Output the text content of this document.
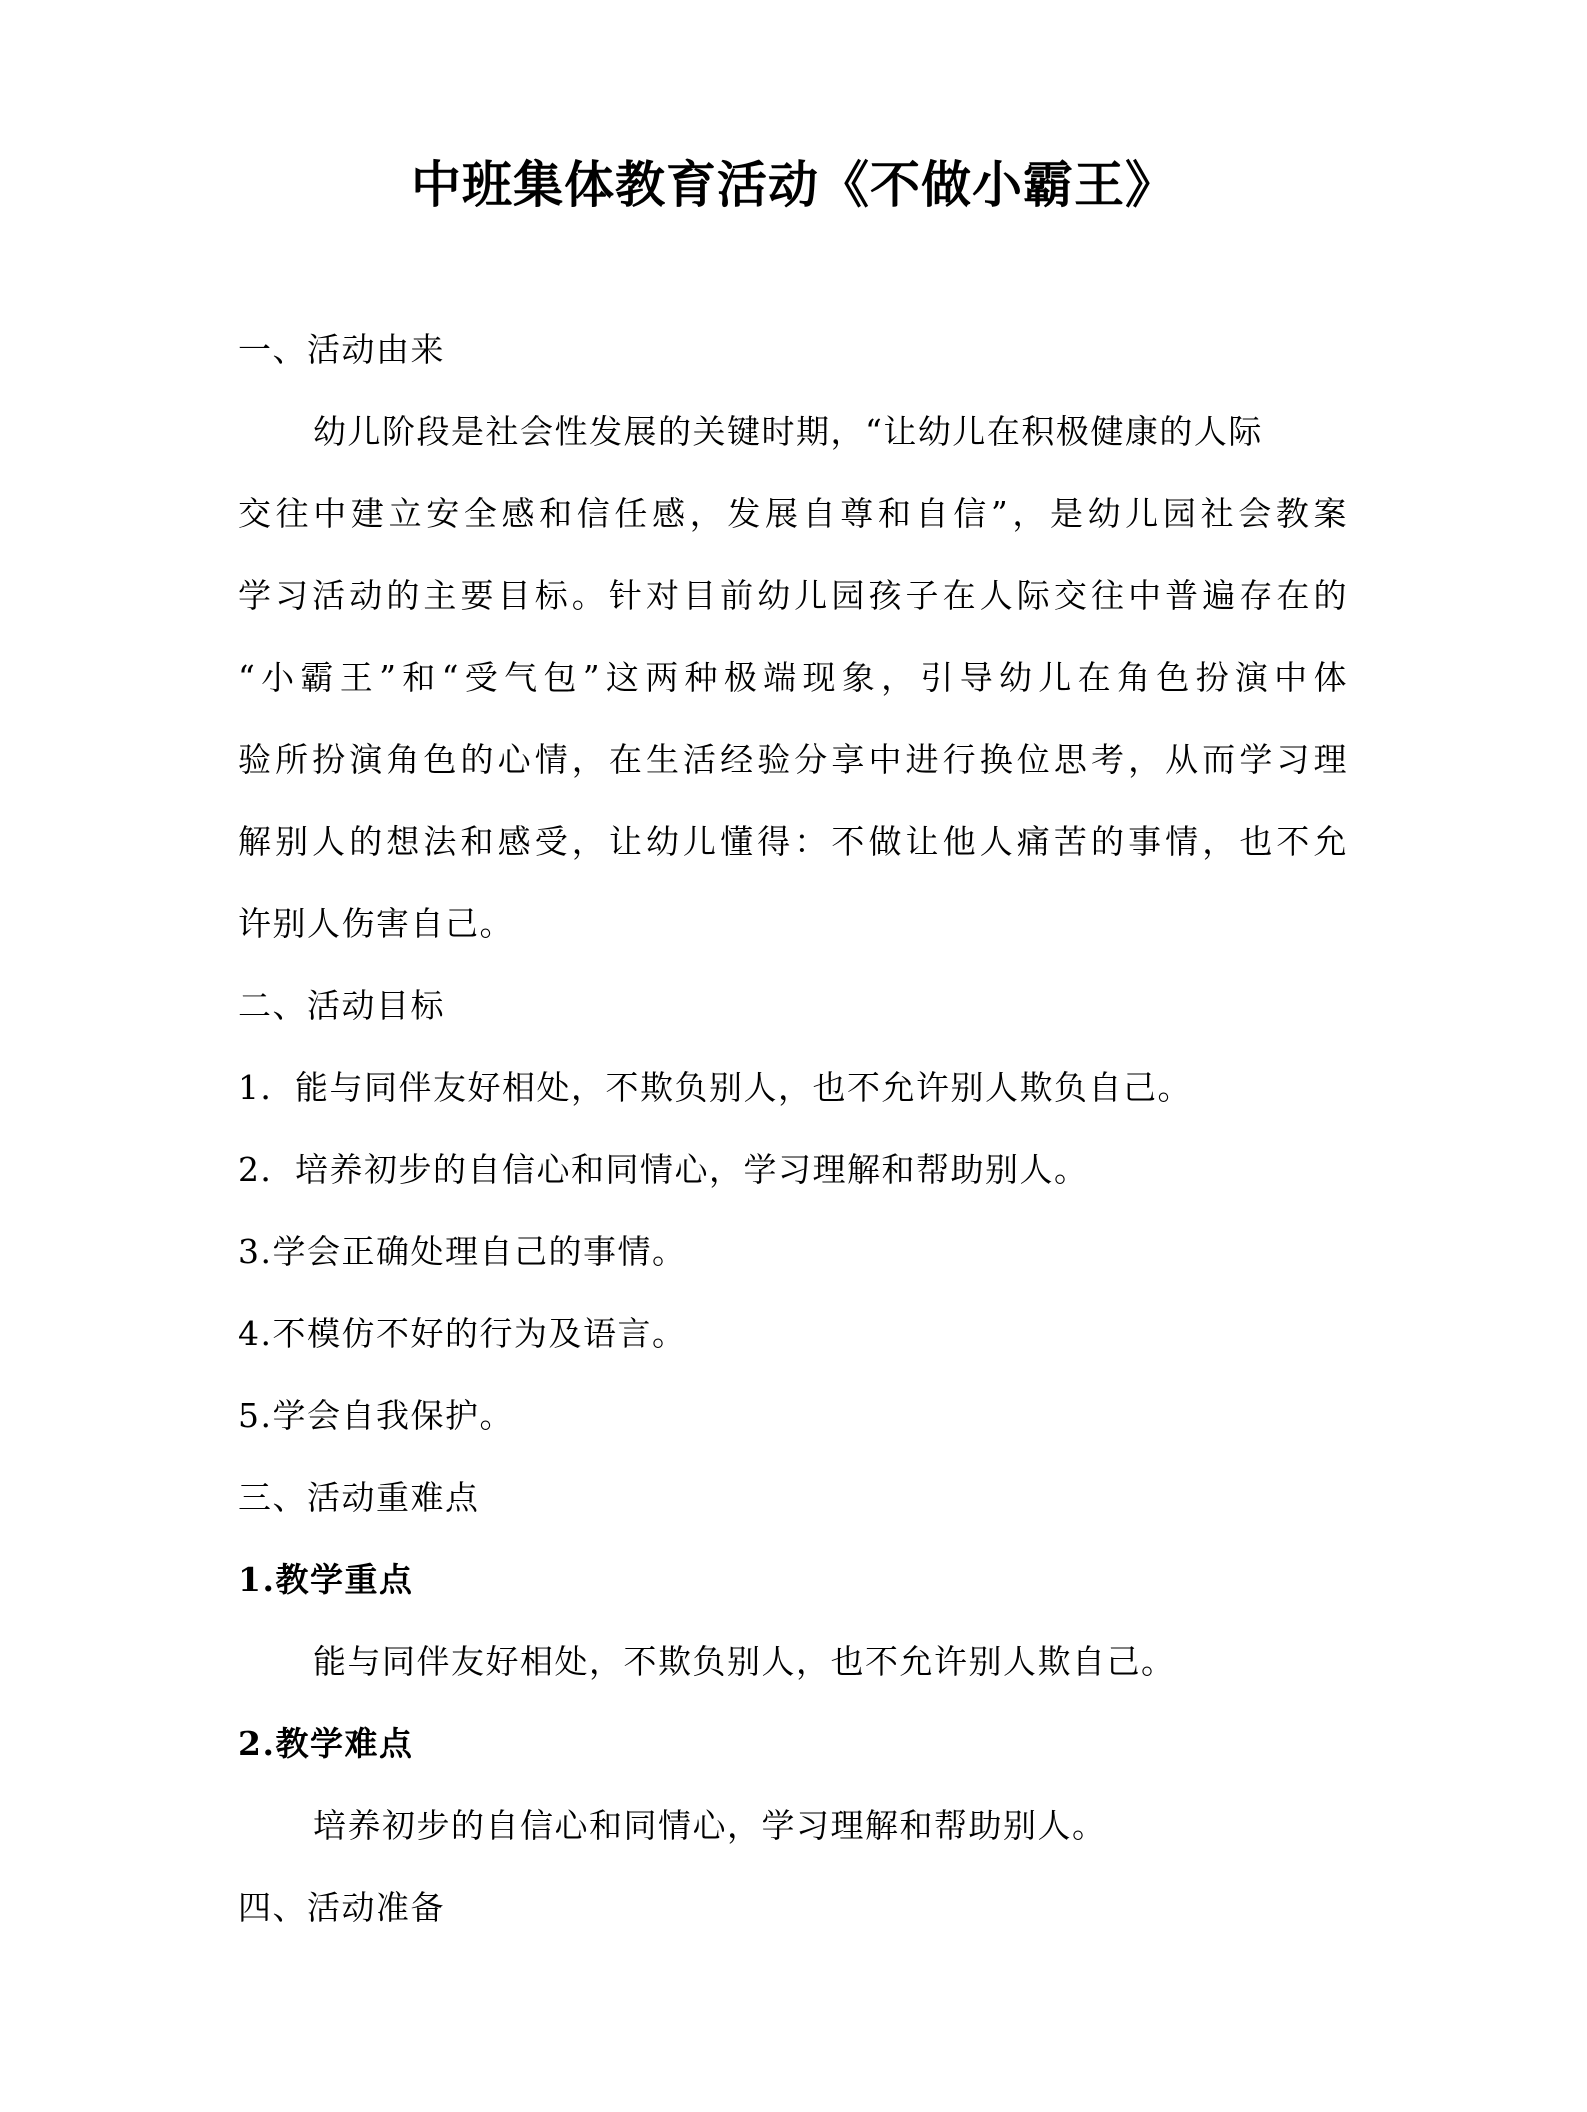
中班集体教育活动《不做小霸王》
一、活动由来
幼儿阶段是社会性发展的关键时期，“让幼儿在积极健康的人际
交往中建立安全感和信任感，发展自尊和自信”，是幼儿园社会教案
学习活动的主要目标。针对目前幼儿园孩子在人际交往中普遍存在的
“小霸王”和“受气包”这两种极端现象，引导幼儿在角色扮演中体
验所扮演角色的心情，在生活经验分享中进行换位思考，从而学习理
解别人的想法和感受，让幼儿懂得：不做让他人痛苦的事情，也不允
许别人伤害自己。
二、活动目标
1．能与同伴友好相处，不欺负别人，也不允许别人欺负自己。
2．培养初步的自信心和同情心，学习理解和帮助别人。
3.学会正确处理自己的事情。
4.不模仿不好的行为及语言。
5.学会自我保护。
三、活动重难点
1.教学重点
能与同伴友好相处，不欺负别人，也不允许别人欺自己。
2.教学难点
培养初步的自信心和同情心，学习理解和帮助别人。
四、活动准备
